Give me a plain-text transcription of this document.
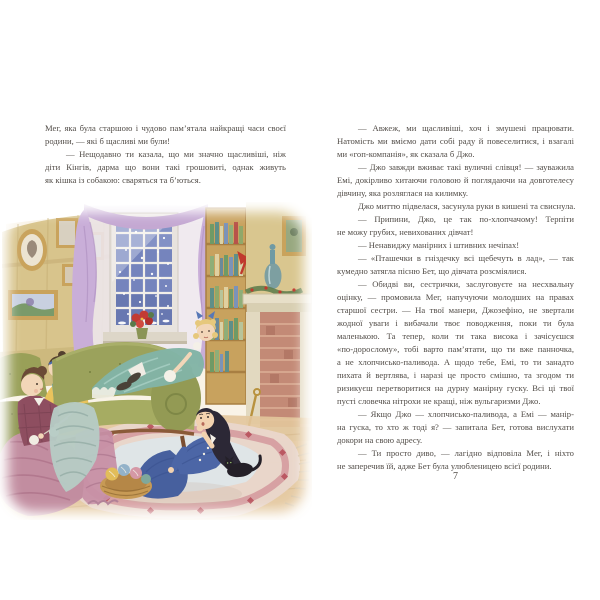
Мег, яка була старшою і чудово пам’ятала найкращі часи своєї
родини, — які б щасливі ми були!
— Нещодавно ти казала, що ми значно щасливіші, ніж
діти Кінгів, дарма що вони такі грошовиті, однак живуть
як кішка із собакою: сваряться та б’ються.
— Авжеж, ми щасливіші, хоч і змушені працювати.
Натомість ми вміємо дати собі раду й повеселитися, і взагалі
ми «гоп-компанія», як сказала б Джо.
— Джо завжди вживає такі вуличні слівця! — зауважила
Емі, докірливо хитаючи головою й поглядаючи на довготелесу
дівчину, яка розляглася на килимку.
Джо миттю підвелася, засунула руки в кишені та свиснула.
— Припини, Джо, це так по-хлопчачому! Терпіти
не можу грубих, невихованих дівчат!
— Ненавиджу манірних і штивних нечіпах!
— «Пташечки в гніздечку всі щебечуть в лад», — так
кумедно затягла пісню Бет, що дівчата розсміялися.
— Обидві ви, сестрички, заслуговуєте на несхвальну
оцінку, — промовила Мег, напучуючи молодших на правах
старшої сестри. — На твої манери, Джозефіно, не звертали
жодної уваги і вибачали твоє поводження, поки ти була
маленькою. Та тепер, коли ти така висока і зачісуєшся
«по-дорослому», тобі варто пам’ятати, що ти вже панночка,
а не хлопчисько-паливода. А щодо тебе, Емі, то ти занадто
пихата й вертлява, і наразі це просто смішно, та згодом ти
ризикуєш перетворитися на дурну манірну гуску. Всі ці твої
пусті словечка нітрохи не кращі, ніж вульгаризми Джо.
— Якщо Джо — хлопчисько-паливода, а Емі — манір-
на гуска, то хто ж тоді я? — запитала Бет, готова вислухати
докори на свою адресу.
— Ти просто диво, — лагідно відповіла Мег, і ніхто
не заперечив їй, адже Бет була улюбленицею всієї родини.
7
